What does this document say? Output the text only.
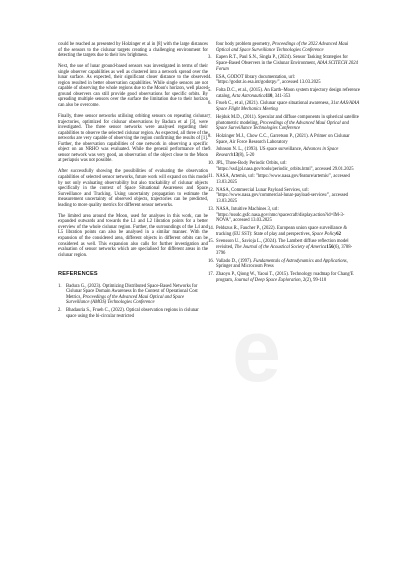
could be reached as presented by Holzinger et al in [8] with the large distances of the sensors to the cislunar targets creating a challenging environment for detecting the targets due to their low brightness.

Next, the use of lunar ground-based sensors was investigated in terms of their single observer capabilities as well as clustered into a network spread over the lunar surface. As expected, their significant closer distance to the observed region resulted in better observation capabilities. While single sensors are not capable of observing the whole regions due to the Moon's horizon, well placed ground observers can still provide good observations for specific orbits. By spreading multiple sensors over the surface the limitation due to their horizon can also be overcome.

Finally, three sensor networks utilising orbiting sensors on repeating cislunar trajectories, optimized for cislunar observations by Badura et al [3], were investigated. The three sensor networks were analysed regarding their capabilities to observe the selected cislunar region. As expected, all three of the networks are very capable of observing the region confirming the results of [1]. Further, the observation capabilities of one network in observing a specific object on an NRHO was evaluated. While the general performance of the sensor network was very good, an observation of the object close to the Moon at periapsis was not possible.

After successfully showing the possibilities of evaluating the observation capabilities of selected sensor networks, future work will expand on this model by not only evaluating observability but also trackability of cislunar objects specifically in the context of Space Situational Awareness and Space Surveillance and Tracking. Using uncertainty propagation to estimate the measurement uncertainty of observed objects, trajectories can be predicted, leading to more quality metrics for different sensor networks.

The limited area around the Moon, used for analyses in this work, can be expanded outwards and towards the L1 and L2 libration points for a better overview of the whole cislunar region. Further, the surroundings of the L4 and L5 libration points can also be analysed in a similar manner. With the expansion of the considered area, different objects in different orbits can be considered as well. This expansion also calls for further investigation and evaluation of sensor networks which are specialised for different areas in the cislunar region.

REFERENCES
1. Badura G., (2023). Optimizing Distributed Space-Based Networks for Cislunar Space Domain Awareness In the Context of Operational Cost Metrics, Proceedings of the Advanced Maui Optical and Space Surveillance (AMOS) Technologies Conference
2. Bhadauria S., Frueh C., (2022). Optical observation regions in cislunar space using the bi-circular restricted
four body problem geometry, Proceedings of the 2022 Advanced Maui Optical and Space Surveillance Technologies Conference
3. Eapen R.T., Paul S.N., Singla P., (2024). Sensor Tasking Strategies for Space-Based Observers in the Cislunar Environment, AIAA SCITECH 2024 Forum
4. ESA, GODOT library documentation, url: "https://godot.io.esa.int/godotpy/", accessed 13.03.2025
5. Folta D.C., et al., (2015). An Earth–Moon system trajectory design reference catalog, Acta Astronautica110, 341-353
6. Frueh C., et al, (2021). Cislunar space situational awareness, 31st AAS/AIAA Space Flight Mechanics Meeting
7. Hejduk M.D., (2011). Specular and diffuse components in spherical satellite photometric modeling, Proceedings of the Advanced Maui Optical and Space Surveillance Technologies Conference
8. Holzinger M.J., Chow C.C., Garretson P., (2021). A Primer on Cislunar Space, Air Force Research Laboratory
9. Johnson N. L., (1993). US space surveillance, Advances in Space Research13(8), 5-20
10. JPL, Three-Body Periodic Orbits, url: "https://ssd.jpl.nasa.gov/tools/periodic_orbits.html", accessed 29.01.2025
11. NASA, Artemis, url: "https://www.nasa.gov/feature/artemis/", accessed 13.03.2025
12. NASA, Commercial Lunar Payload Services, url: "https://www.nasa.gov/commercial-lunar-payload-services/", accessed 13.03.2025
13. NASA, Intuitive Machines 3, url: "https://nssdc.gsfc.nasa.gov/nmc/spacecraft/display.action?id=IM-3-NOVA", accessed 13.03.2025
14. Peldszus R., Faucher P., (2022). European union space surveillance & tracking (EU SST): State of play and perspectives, Space Policy62
15. Svensson U., Savioja L., (2024). The Lambert diffuse reflection model revisited, The Journal of the Acoustical Society of America156(6), 3788-3796
16. Vallado D., (1997). Fundamentals of Astrodynamics and Applications, Springer and Microcosm Press
17. Zhaoyu P., Qiong W., Yaoui T., (2015). Technology roadmap for Chang'E program, Journal of Deep Space Exploration, 2(2), 99-110
e
